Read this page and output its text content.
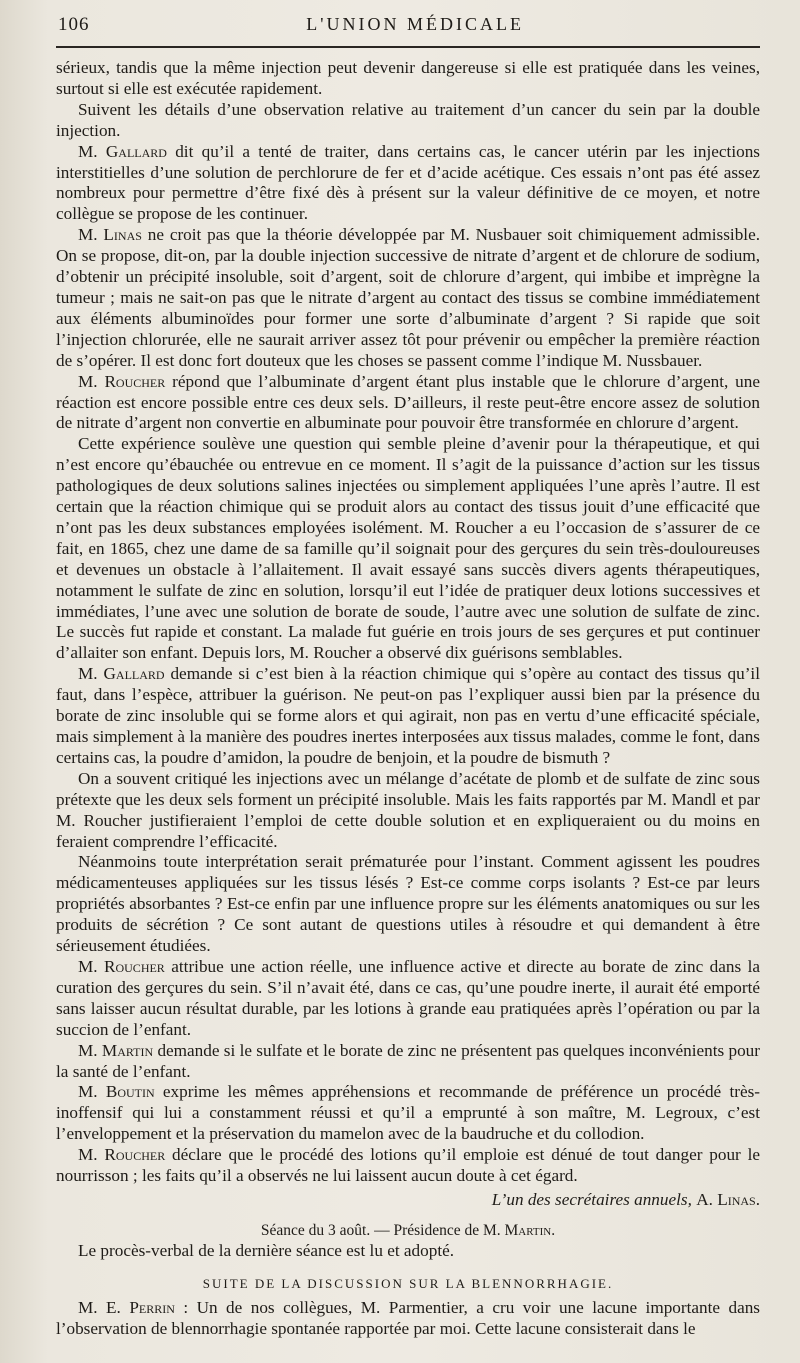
106	L'UNION MÉDICALE

sérieux, tandis que la même injection peut devenir dangereuse si elle est pratiquée dans les veines, surtout si elle est exécutée rapidement.

Suivent les détails d’une observation relative au traitement d’un cancer du sein par la double injection.

M. Gallard dit qu’il a tenté de traiter, dans certains cas, le cancer utérin par les injections interstitielles d’une solution de perchlorure de fer et d’acide acétique. Ces essais n’ont pas été assez nombreux pour permettre d’être fixé dès à présent sur la valeur définitive de ce moyen, et notre collègue se propose de les continuer.

M. Linas ne croit pas que la théorie développée par M. Nusbauer soit chimiquement admissible. On se propose, dit-on, par la double injection successive de nitrate d’argent et de chlorure de sodium, d’obtenir un précipité insoluble, soit d’argent, soit de chlorure d’argent, qui imbibe et imprègne la tumeur ; mais ne sait-on pas que le nitrate d’argent au contact des tissus se combine immédiatement aux éléments albuminoïdes pour former une sorte d’albuminate d’argent ? Si rapide que soit l’injection chlorurée, elle ne saurait arriver assez tôt pour prévenir ou empêcher la première réaction de s’opérer. Il est donc fort douteux que les choses se passent comme l’indique M. Nussbauer.

M. Roucher répond que l’albuminate d’argent étant plus instable que le chlorure d’argent, une réaction est encore possible entre ces deux sels. D’ailleurs, il reste peut-être encore assez de solution de nitrate d’argent non convertie en albuminate pour pouvoir être transformée en chlorure d’argent.

Cette expérience soulève une question qui semble pleine d’avenir pour la thérapeutique, et qui n’est encore qu’ébauchée ou entrevue en ce moment. Il s’agit de la puissance d’action sur les tissus pathologiques de deux solutions salines injectées ou simplement appliquées l’une après l’autre. Il est certain que la réaction chimique qui se produit alors au contact des tissus jouit d’une efficacité que n’ont pas les deux substances employées isolément. M. Roucher a eu l’occasion de s’assurer de ce fait, en 1865, chez une dame de sa famille qu’il soignait pour des gerçures du sein très-douloureuses et devenues un obstacle à l’allaitement. Il avait essayé sans succès divers agents thérapeutiques, notamment le sulfate de zinc en solution, lorsqu’il eut l’idée de pratiquer deux lotions successives et immédiates, l’une avec une solution de borate de soude, l’autre avec une solution de sulfate de zinc. Le succès fut rapide et constant. La malade fut guérie en trois jours de ses gerçures et put continuer d’allaiter son enfant. Depuis lors, M. Roucher a observé dix guérisons semblables.

M. Gallard demande si c’est bien à la réaction chimique qui s’opère au contact des tissus qu’il faut, dans l’espèce, attribuer la guérison. Ne peut-on pas l’expliquer aussi bien par la présence du borate de zinc insoluble qui se forme alors et qui agirait, non pas en vertu d’une efficacité spéciale, mais simplement à la manière des poudres inertes interposées aux tissus malades, comme le font, dans certains cas, la poudre d’amidon, la poudre de benjoin, et la poudre de bismuth ?

On a souvent critiqué les injections avec un mélange d’acétate de plomb et de sulfate de zinc sous prétexte que les deux sels forment un précipité insoluble. Mais les faits rapportés par M. Mandl et par M. Roucher justifieraient l’emploi de cette double solution et en expliqueraient ou du moins en feraient comprendre l’efficacité.

Néanmoins toute interprétation serait prématurée pour l’instant. Comment agissent les poudres médicamenteuses appliquées sur les tissus lésés ? Est-ce comme corps isolants ? Est-ce par leurs propriétés absorbantes ? Est-ce enfin par une influence propre sur les éléments anatomiques ou sur les produits de sécrétion ? Ce sont autant de questions utiles à résoudre et qui demandent à être sérieusement étudiées.

M. Roucher attribue une action réelle, une influence active et directe au borate de zinc dans la curation des gerçures du sein. S’il n’avait été, dans ce cas, qu’une poudre inerte, il aurait été emporté sans laisser aucun résultat durable, par les lotions à grande eau pratiquées après l’opération ou par la succion de l’enfant.

M. Martin demande si le sulfate et le borate de zinc ne présentent pas quelques inconvénients pour la santé de l’enfant.

M. Boutin exprime les mêmes appréhensions et recommande de préférence un procédé très-inoffensif qui lui a constamment réussi et qu’il a emprunté à son maître, M. Legroux, c’est l’enveloppement et la préservation du mamelon avec de la baudruche et du collodion.

M. Roucher déclare que le procédé des lotions qu’il emploie est dénué de tout danger pour le nourrisson ; les faits qu’il a observés ne lui laissent aucun doute à cet égard.

L’un des secrétaires annuels, A. Linas.
Séance du 3 août. — Présidence de M. Martin.

Le procès-verbal de la dernière séance est lu et adopté.

SUITE DE LA DISCUSSION SUR LA BLENNORRHAGIE.

M. E. Perrin : Un de nos collègues, M. Parmentier, a cru voir une lacune importante dans l’observation de blennorrhagie spontanée rapportée par moi. Cette lacune consisterait dans le
